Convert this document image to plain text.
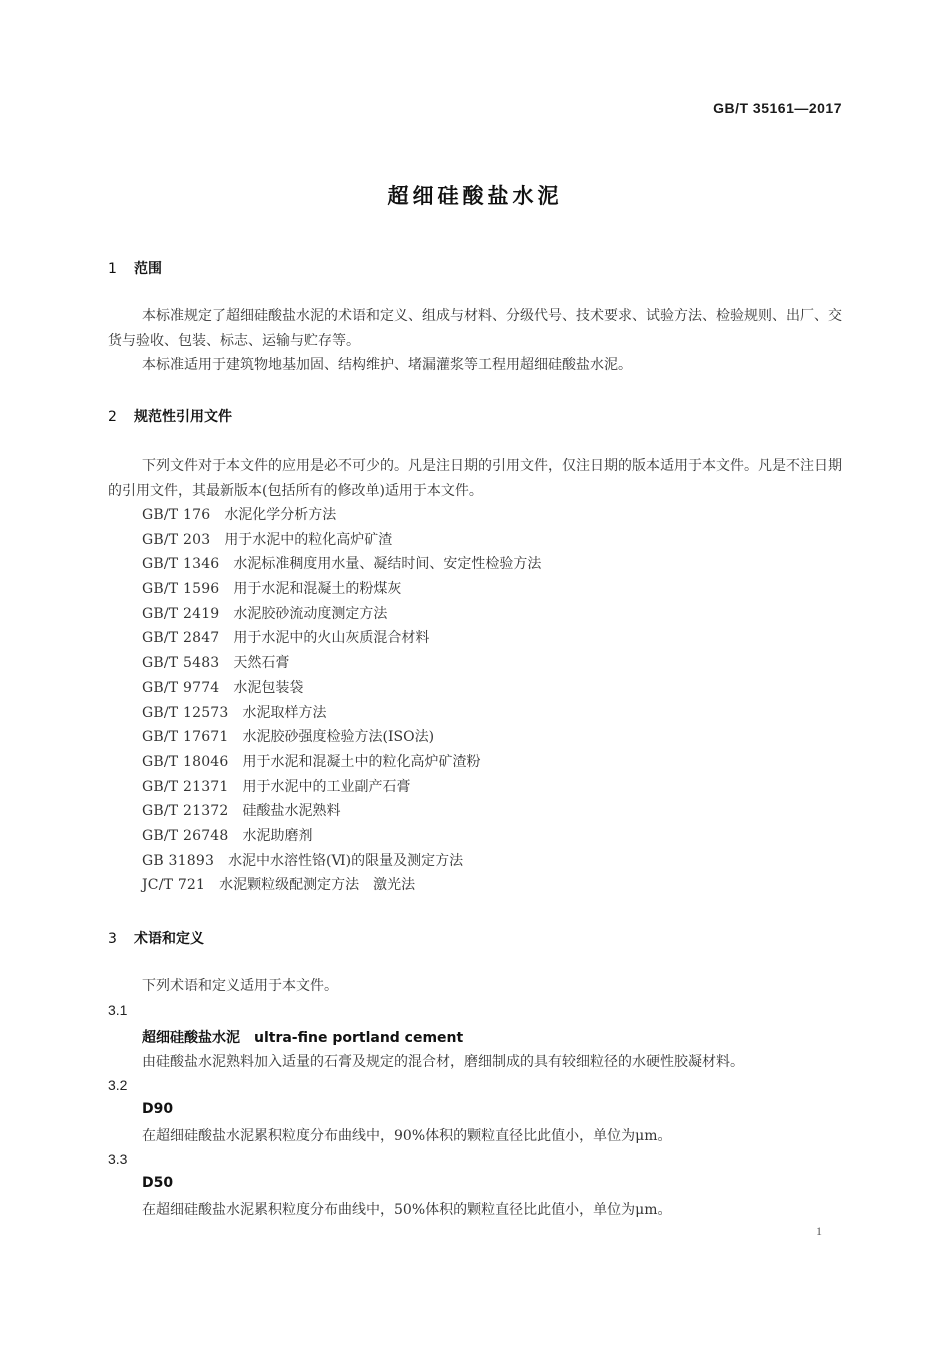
GB/T 35161—2017
超细硅酸盐水泥
1 范围
本标准规定了超细硅酸盐水泥的术语和定义、组成与材料、分级代号、技术要求、试验方法、检验规则、出厂、交货与验收、包装、标志、运输与贮存等。
本标准适用于建筑物地基加固、结构维护、堵漏灌浆等工程用超细硅酸盐水泥。
2 规范性引用文件
下列文件对于本文件的应用是必不可少的。凡是注日期的引用文件，仅注日期的版本适用于本文件。凡是不注日期的引用文件，其最新版本(包括所有的修改单)适用于本文件。
GB/T 176 水泥化学分析方法
GB/T 203 用于水泥中的粒化高炉矿渣
GB/T 1346 水泥标准稠度用水量、凝结时间、安定性检验方法
GB/T 1596 用于水泥和混凝土的粉煤灰
GB/T 2419 水泥胶砂流动度测定方法
GB/T 2847 用于水泥中的火山灰质混合材料
GB/T 5483 天然石膏
GB/T 9774 水泥包装袋
GB/T 12573 水泥取样方法
GB/T 17671 水泥胶砂强度检验方法(ISO法)
GB/T 18046 用于水泥和混凝土中的粒化高炉矿渣粉
GB/T 21371 用于水泥中的工业副产石膏
GB/T 21372 硅酸盐水泥熟料
GB/T 26748 水泥助磨剂
GB 31893 水泥中水溶性铬(Ⅵ)的限量及测定方法
JC/T 721 水泥颗粒级配测定方法　激光法
3 术语和定义
下列术语和定义适用于本文件。
3.1
超细硅酸盐水泥 ultra-fine portland cement
由硅酸盐水泥熟料加入适量的石膏及规定的混合材，磨细制成的具有较细粒径的水硬性胶凝材料。
3.2
D90
在超细硅酸盐水泥累积粒度分布曲线中，90%体积的颗粒直径比此值小，单位为μm。
3.3
D50
在超细硅酸盐水泥累积粒度分布曲线中，50%体积的颗粒直径比此值小，单位为μm。
1
